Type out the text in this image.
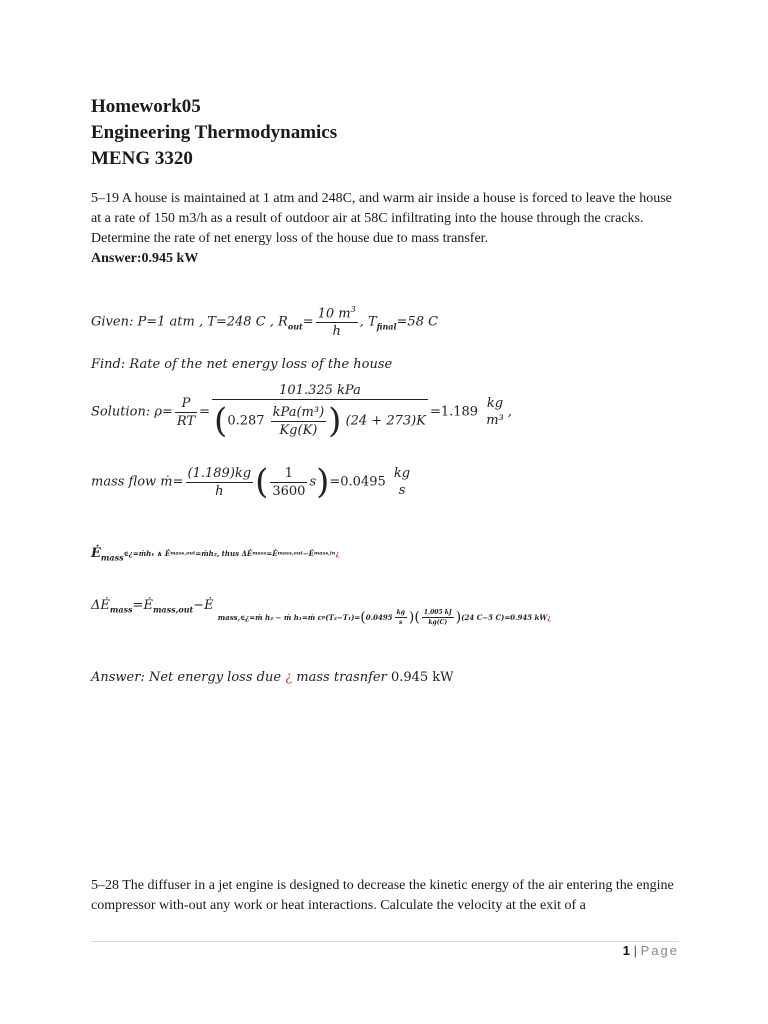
Homework05
Engineering Thermodynamics
MENG 3320
5–19 A house is maintained at 1 atm and 248C, and warm air inside a house is forced to leave the house at a rate of 150 m3/h as a result of outdoor air at 58C infiltrating into the house through the cracks. Determine the rate of net energy loss of the house due to mass transfer.
Answer:0.945 kW
Given: P=1 atm , T=248 C , $R_{out}= \frac{10 m^3}{h}$ , $T_{final}=58$ C
Find: Rate of the net energy loss of the house
Solution: $\rho= \frac{P}{RT} = \frac{\text{101.325 kPa}}{(0.287 \frac{\text{kPa(m³)}}{Kg(K)} ) (24 + 273)K} =1.189$
kg
m³
,
mass flow ṁ= $\frac{(1.189)kg}{h}$ ( $\frac{1}{3600} s)=0.0495$
kg
s
$Ė_{mass}\in¿=ṁh_1$ ∧ Ėmass,out=ṁh₂, thus ΔĖmass=Ėmass,out−Ėmass,in¿
$\Delta Ė_{mass}=Ė_{mass,out}-Ė$ mass,∈¿=ṁ h₂ − ṁ h₁=ṁ $cp(T_2-T_1)=(0.0495 \frac{kg}{s}$ )( $\frac{1.005 kJ}{kg(C)} )(24$ C−5 C)=0.945 kW¿
Answer: Net energy loss due ¿ mass trasnfer 0.945 kW
5–28 The diffuser in a jet engine is designed to decrease the kinetic energy of the air entering the engine compressor with-out any work or heat interactions. Calculate the velocity at the exit of a
1 | Page
